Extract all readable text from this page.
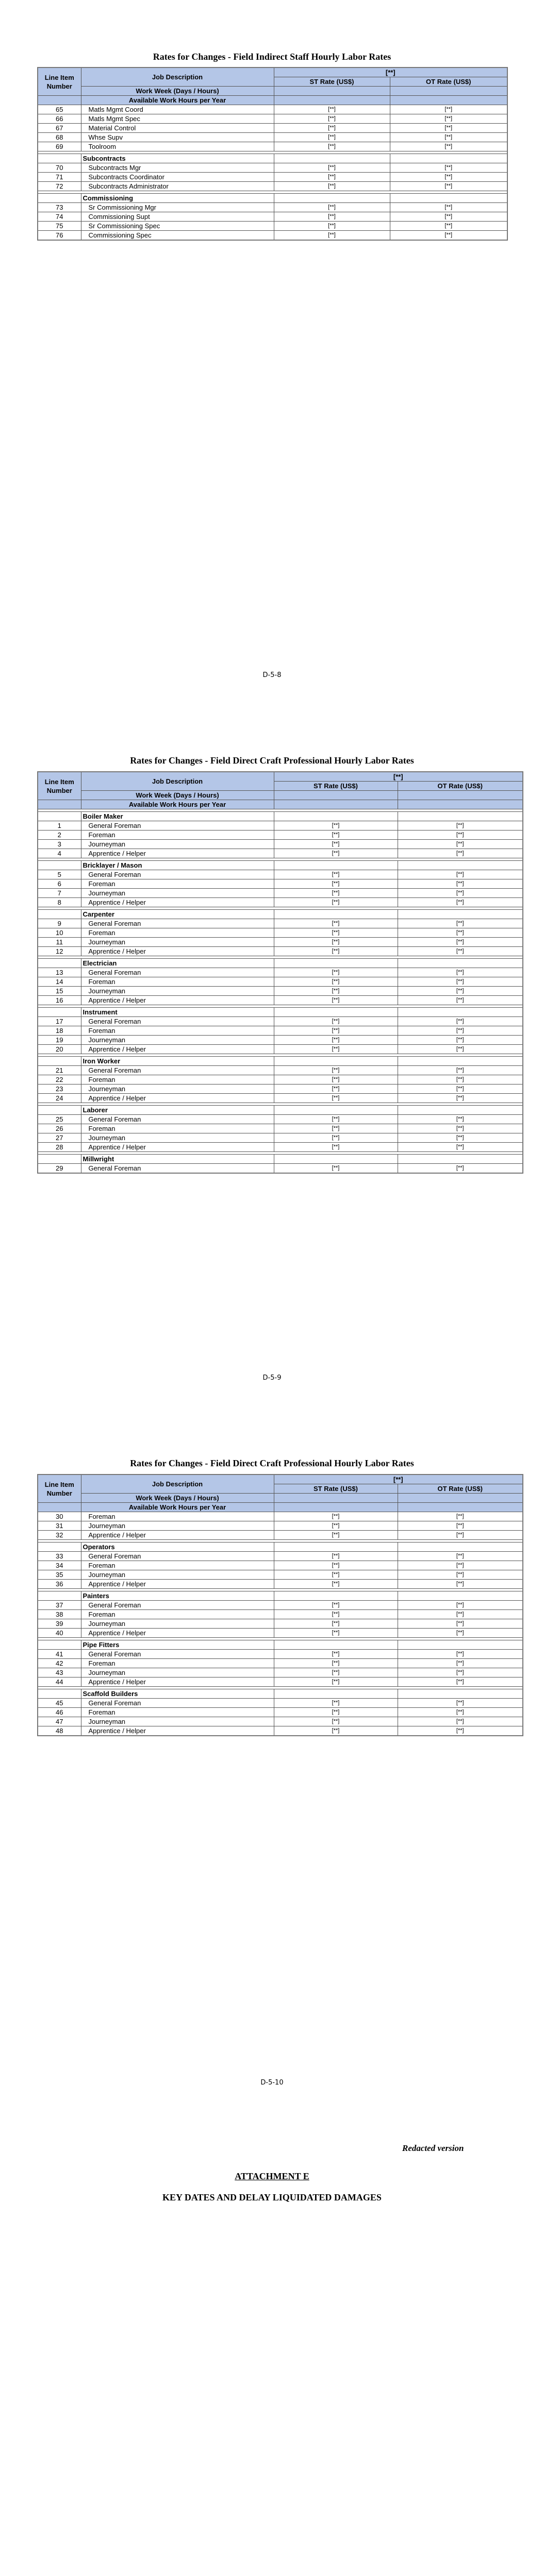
Rates for Changes - Field Indirect Staff Hourly Labor Rates
Line Item Number	Job Description	[**]	
		ST Rate (US$)	OT Rate (US$)
	Work Week (Days / Hours)		
	Available Work Hours per Year		
65	Matls Mgmt Coord	[**]	[**]
66	Matls Mgmt Spec	[**]	[**]
67	Material Control	[**]	[**]
68	Whse Supv	[**]	[**]
69	Toolroom	[**]	[**]

	Subcontracts		
70	Subcontracts Mgr	[**]	[**]
71	Subcontracts Coordinator	[**]	[**]
72	Subcontracts Administrator	[**]	[**]

	Commissioning		
73	Sr Commissioning Mgr	[**]	[**]
74	Commissioning Supt	[**]	[**]
75	Sr Commissioning Spec	[**]	[**]
76	Commissioning Spec	[**]	[**]
D-5-8
Rates for Changes - Field Direct Craft Professional Hourly Labor Rates
Line Item Number	Job Description	[**]	
		ST Rate (US$)	OT Rate (US$)
	Work Week (Days / Hours)		
	Available Work Hours per Year		

	Boiler Maker		
1	General Foreman	[**]	[**]
2	Foreman	[**]	[**]
3	Journeyman	[**]	[**]
4	Apprentice / Helper	[**]	[**]

	Bricklayer / Mason		
5	General Foreman	[**]	[**]
6	Foreman	[**]	[**]
7	Journeyman	[**]	[**]
8	Apprentice / Helper	[**]	[**]

	Carpenter		
9	General Foreman	[**]	[**]
10	Foreman	[**]	[**]
11	Journeyman	[**]	[**]
12	Apprentice / Helper	[**]	[**]

	Electrician		
13	General Foreman	[**]	[**]
14	Foreman	[**]	[**]
15	Journeyman	[**]	[**]
16	Apprentice / Helper	[**]	[**]

	Instrument		
17	General Foreman	[**]	[**]
18	Foreman	[**]	[**]
19	Journeyman	[**]	[**]
20	Apprentice / Helper	[**]	[**]

	Iron Worker		
21	General Foreman	[**]	[**]
22	Foreman	[**]	[**]
23	Journeyman	[**]	[**]
24	Apprentice / Helper	[**]	[**]

	Laborer		
25	General Foreman	[**]	[**]
26	Foreman	[**]	[**]
27	Journeyman	[**]	[**]
28	Apprentice / Helper	[**]	[**]

	Millwright		
29	General Foreman	[**]	[**]
D-5-9
Rates for Changes - Field Direct Craft Professional Hourly Labor Rates
Line Item Number	Job Description	[**]	
		ST Rate (US$)	OT Rate (US$)
	Work Week (Days / Hours)		
	Available Work Hours per Year		
30	Foreman	[**]	[**]
31	Journeyman	[**]	[**]
32	Apprentice / Helper	[**]	[**]

	Operators		
33	General Foreman	[**]	[**]
34	Foreman	[**]	[**]
35	Journeyman	[**]	[**]
36	Apprentice / Helper	[**]	[**]

	Painters		
37	General Foreman	[**]	[**]
38	Foreman	[**]	[**]
39	Journeyman	[**]	[**]
40	Apprentice / Helper	[**]	[**]

	Pipe Fitters		
41	General Foreman	[**]	[**]
42	Foreman	[**]	[**]
43	Journeyman	[**]	[**]
44	Apprentice / Helper	[**]	[**]

	Scaffold Builders		
45	General Foreman	[**]	[**]
46	Foreman	[**]	[**]
47	Journeyman	[**]	[**]
48	Apprentice / Helper	[**]	[**]
D-5-10
Redacted version
ATTACHMENT E
KEY DATES AND DELAY LIQUIDATED DAMAGES
